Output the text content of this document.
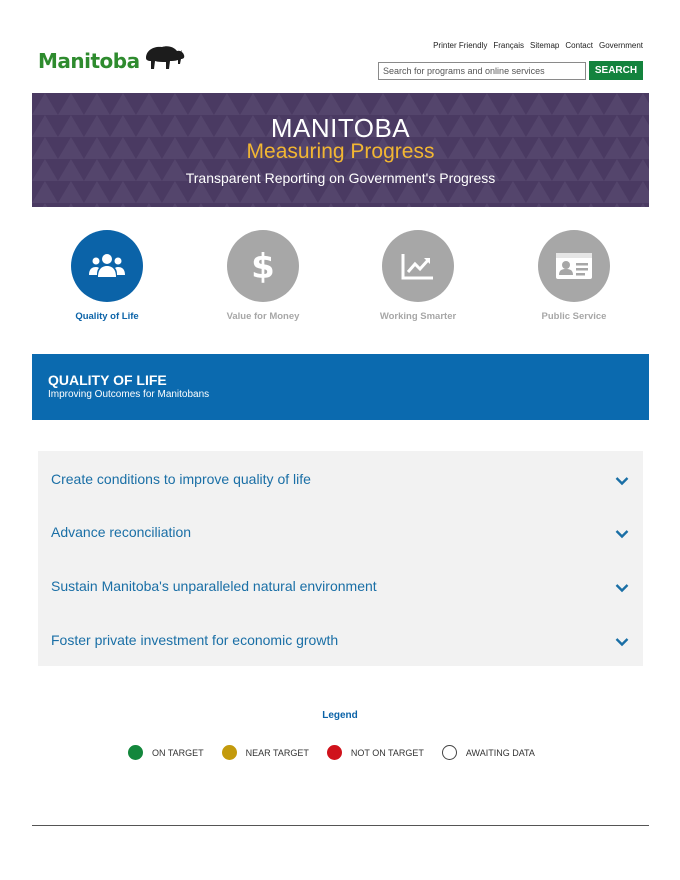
Manitoba
Printer Friendly Français Sitemap Contact Government
Search for programs and online services
SEARCH
MANITOBA
Measuring Progress
Transparent Reporting on Government's Progress
Quality of Life
$
Value for Money	Working Smarter	Public Service
QUALITY OF LIFE
Improving Outcomes for Manitobans
Create conditions to improve quality of life
Advance reconciliation
Sustain Manitoba's unparalleled natural environment
Foster private investment for economic growth
Legend
ON TARGET	NEAR TARGET	NOT ON TARGET	AWAITING DATA
